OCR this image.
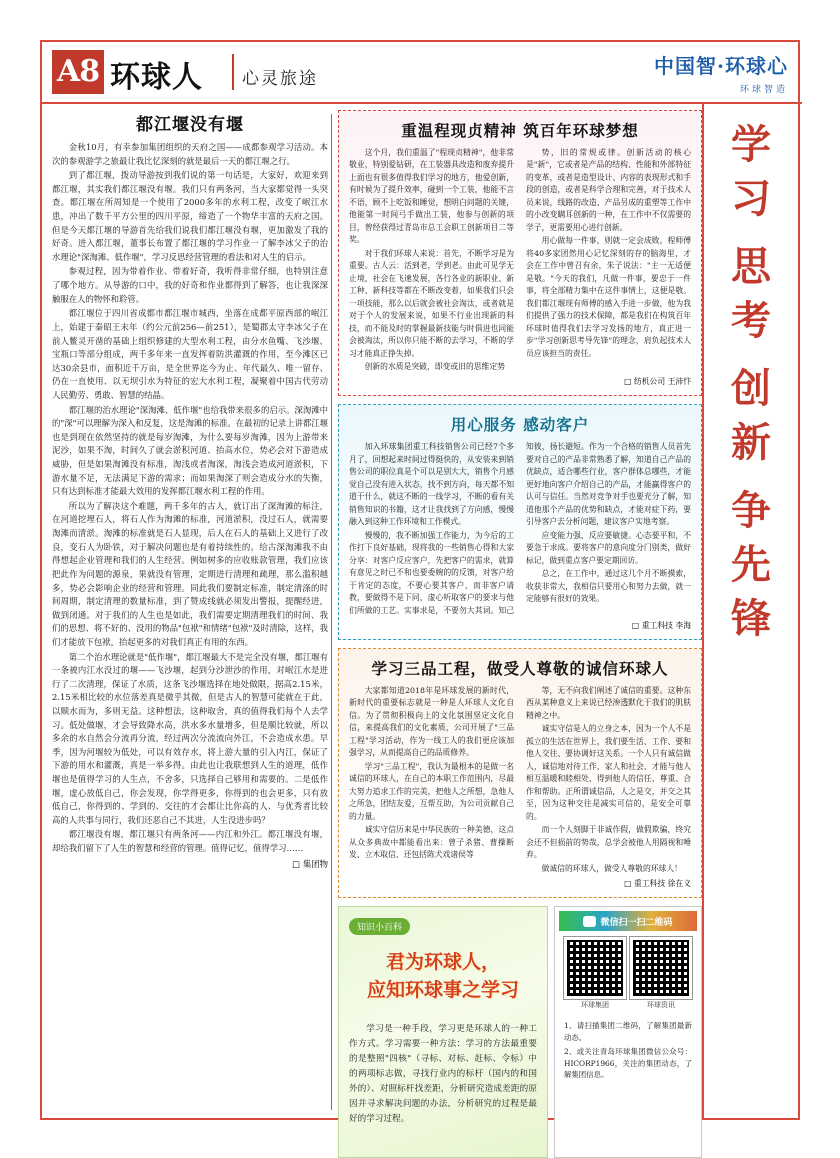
A8 环球人 心灵旅途
中国智·环球心
环球智造
都江堰没有堰

金秋10月，有幸参加集团组织的天府之国——成都参观学习活动。本次的参观游学之旅最让我比忆深刻的就是最后一天的都江堰之行。

到了都江堰，拨动导游按到我们说的第一句话是，大家好，欢迎来到都江堰，其实我们都江堰没有堰。我们只有两条河，当大家都觉得一头突查。都江堰在所周知是一个使用了2000多年的水利工程，改变了岷江水患，冲出了数千平方公里的四川平原，缔造了一个物华丰富的天府之国。但是今天都江堰的导游首先给我们说我们都江堰没有堰，更加激发了我的好奇。进入都江堰，董事长布置了都江堰的学习作业一了解李冰父子的治水理论"深淘滩、低作堰"，学习反思经营管理的看法和对人生的启示。

参观过程，因为带着作业、带着好奇，我听得非常仔细，也特别注意了哪个地方。从导游的口中，我的好奇和作业都得到了解答，也让我深深触服在人的物怀和聆管。

都江堰位于四川省成都市都江堰市城西，坐落在成都平原西部的岷江上，始建于秦昭王末年（约公元前256—前251），是蜀郡太守李冰父子在前人鳖灵开凿的基础上组织修建的大型水利工程，由分水鱼嘴、飞沙堰、宝瓶口等部分组成，两千多年来一直发挥着防洪灌溉的作用，至今滩区已达30余县市，面积近千万亩，是全世界迄今为止、年代最久、唯一留存、仍在一直使用、以无坝引水为特征的宏大水利工程，凝聚着中国古代劳动人民勤劳、勇敢、智慧的结晶。

都江堰的治水理论"深淘滩、低作堰"也给我带来很多的启示。深淘滩中的"深"可以理解为深入和反复，这是淘滩的标准。在最初的记录上讲都江堰也是到现在依然坚持的就是每岁淘滩，为什么要每岁淘滩，因为上游带来泥沙，如果不淘，时间久了就会淤积河道、抬高水位，势必会对下游造成威胁，但是如果淘滩没有标准，淘浅或者淘深，淘浅会造成河道淤积，下游水量不足，无法满足下游的需求；而如果淘深了则会造成分水的失衡，只有达到标准才能最大效用的发挥都江堰水利工程的作用。

所以为了解决这个难题，两千多年的古人，就订出了深淘滩的标注，在河道挖埋石人，将石人作为淘滩的标准，河道淤积，没过石人，就需要淘滩而清淤。淘滩的标准就是石人显现，后人在石人的基础上又进行了改良，变石人为卧铁，对于解决问题也是有着持续性的。给古深淘滩我不由得想起企业管理和我们的人生经营。例如树多的应收账款管理，我们应该把此作为问题的源泉，果就没有管理，定期进行清理和疏理，那么滥积越多，势必会影响企业的经营和管理。同此我们要制定标准，制定清涤的时间周期，制定清理的数量标准，到了赞成线就必须发出警报，提醒经进，做到闭通。对于我们的人生也是如此，我们需要定期清理我们的时间、我们的思想、将不好的、没用的物品"包袱"和情绪"包袱"及时清除，这样，我们才能放下包袱，抬起更多的对我们真正有用的东西。

第二个治水理论就是"低作堰"，都江堰最大不是完全没有堰，都江堰有一条被内江水没过的堰——飞沙堰，起到分沙泄沙的作用，对岷江水是进行了二次清理，保证了水质，这条飞沙堰选择在地处做限，据高2.15米，2.15米相比较的水位落差真是微乎其微，但是古人的智慧可能就在于此，以顺水而为，多则无益。这种想法，这种取舍，真的值得我们每个人去学习。低处做堰，才会导致降水高，洪水多水量增多，但是顺比较就，所以多余的水自然会分流再分流，经过两次分流流向外江，不会造成水患。早季，因为河堰较为低处，可以有效存水，将上游大量的引入内江，保证了下游的用水和灌溉，真是一举多得。由此也让我联想到人生的道理，低作堰也是值得学习的人生点，不舍多，只选择自己够用和需要的。二是低作堰，虚心放低自己，你会发现，你学得更多，你得到的也会更多，只有放低自己，你得到的、学到的、交往的才会都让比你高的人、与优秀者比较高的人共事与同行，我们还恶自己不其进，人生没进步吗？

都江堰没有堰，都江堰只有两条河——内江和外江。都江堰没有堰，却给我们留下了人生的智慧和经营的管理。值得记忆，值得学习……

□ 集团物
重温程现贞精神 筑百年环球梦想

这个月，我们重温了"程现贞精神"，他非常敬业，特别爱钻研，在工装器具改造和废弃提升上面也有很多值得我们学习的地方，他爱创新，有时候为了提升效率，碰到一个工装，他能不言不语，顾不上吃饭和睡觉，想明白问题的关键，他能第一时间弓手做出工装，他参与创新的项目，曾经获得过青岛市总工会职工创新项目二等奖。

对于我们环球人来说：首先，不断学习是为重要。古人云：活到老，学到老。由此可见学无止境，社会在飞速发展，各行各业的新职业、新工种、新科技等都在不断改变着，如果我们只会一项技能，那么以后就会被社会淘汰，或者就是对于个人的发展来说，如果不行业出现新的科技，而不能及时的掌握最新技能与时俱进也同能会被淘汰，所以你只能不断的去学习，不断的学习才能真正挣失掉。

创新的水质是突破，即变或旧的思维定势

势，旧的常规或律。创新活动的核心是"新"，它或者是产品的结构、性能和外部特征的变革，或者是造型设计、内容的表现形式和手段的创造，或者是科学合理和完善，对于技术人员来说，线路的改造、产品另成的重塑等工作中的小改变瞒耳创新的一种，在工作中不仅需要的学子，更需要用心进行创新。

用心做每一件事，则就一定会成败。程师傅将40多家团然用心记忆深刻的存的脑海里，才会在工作中曾召有余，朱子说法："主一无适便是敬。"今天的我们，凡做一件事，要忠于一件事，将全部精力集中在这件事情上，这便是敬。我们都江堰现有师傅的感入手进一步做，他为我们提供了强力的技术保障，都是我们在构筑百年环球时值得我们去学习发扬的地方，真正进一步"学习创新思考导先锋"的理念，肩负起技术人员应该担当的责任。

□ 纺机公司 王沛忭
用心服务 感动客户

加入环球集团重工科技销售公司已经7个多月了，回想起来时间过得挺快的，从安装来到销售公司的职位真是个可以是别大大，销售个月感觉自己没有进入状态，找不到方向，每天都不知道干什么，就这不断的一线学习，不断的看有关销售知识的书籍，这才让我找到了方向感，慢慢融入到这种工作环境和工作模式。

慢慢的，我不断加强工作能力，为今后的工作打下良好基础，现将我的一些销售心得和大家分享：对客户反应客户，先把客户的需求，就算有意见之时已不和也要委婉的的反馈，对客户给于肯定的态度，不要心要其客户，而非客户请教，要做得不是下同，虚心听取客户的要求与他们所做的工艺。实事求是，不要勿大其词。知己知彼，扬长避短。作为一个合格的销售人员首先要对自己的产品非常熟悉了解，知道自己产品的优缺点，适合哪些行业，客户群体总哪些，才能更好地向客户介绍自己的产品，才能赢得客户的认可与信任。当然对竞争对手也要充分了解，知道他那个产品的优势和缺点，才能对症下药，要引导客户去分析问题，建议客户实地考察。

应变能力强、反应要敏捷。心态要平和，不要急于求成。要将客户的意向度分门别类，做好标记，做到重点客户要定期回访。

总之，在工作中，通过这几个月不断摸索，收获非常大，我相信只要用心和努力去做，就一定能够有很好的效果。

□ 重工科技 李海
学习三品工程，做受人尊敬的诚信环球人

大家都知道2018年是环球发展的新时代，新时代的重要标志就是一种是人环球人文化自信。为了贯彻积极向上的文化氛围坚定文化自信，来提高我们的文化素质，公司开展了"三品工程"学习活动，作为一线工人的我们更应该加强学习，从而提高自己的品质修养。

学习"三品工程"，我认为最根本的是做一名诚信的环球人，在自己的本职工作范围内，尽最大努力追求工作的完美，把他人之所想，急他人之所急，团结友爱，互帮互助，为公司贡献自己的力量。

诚实守信历来是中华民族的一种美德，这点从众多典故中都能看出来：曾子杀猪、曹操断发、立木取信、还包括陈犬戏诸侯等

等，无不向我们阐述了诚信的重要。这种东西从某种意义上来说已经渗透默化于我们的肌肤精神之中。

诚实守信是人的立身之本，因为一个人不是孤立的生活在世界上，我们要生活、工作、要和他人交往、要协调好这关系。一个人只有诚信做人，诚信地对待工作、家人和社会、才能与他人相互温暖和睦相处、得到他人的信任、尊重、合作和帮助。正所谓诚信品，人之是交，并交之其至，因为这种交往是减实可信的，是安全可靠的。

而一个人刻脚于非诚作假，做假欺骗，终究会还不但损前的势哉，总学会被他人用隔视和唾弃。

做诚信的环球人，做受人尊敬的环球人！

□ 重工科技 徐在义
知识小百科
君为环球人，
应知环球事之学习

学习是一种手段，学习更是环球人的一种工作方式。学习需要一种方法：学习的方法最重要的是整照"四核"（寻标、对标、赶标、令标）中的两项标志做，寻找行业内的标杆（国内的和国外的）、对照标杆找差距，分析研究造成差距的原因并寻求解决问题的办法，分析研究的过程是最好的学习过程。

微信扫一扫二维码
环球集团	环球资讯

1、请扫描集团二维码，了解集团最新动态。

2、或关注青岛环球集团微信公众号：HICORP1966，关注的集团动态，了解集团信息。

学
习
思
考
创
新
争
先
锋
